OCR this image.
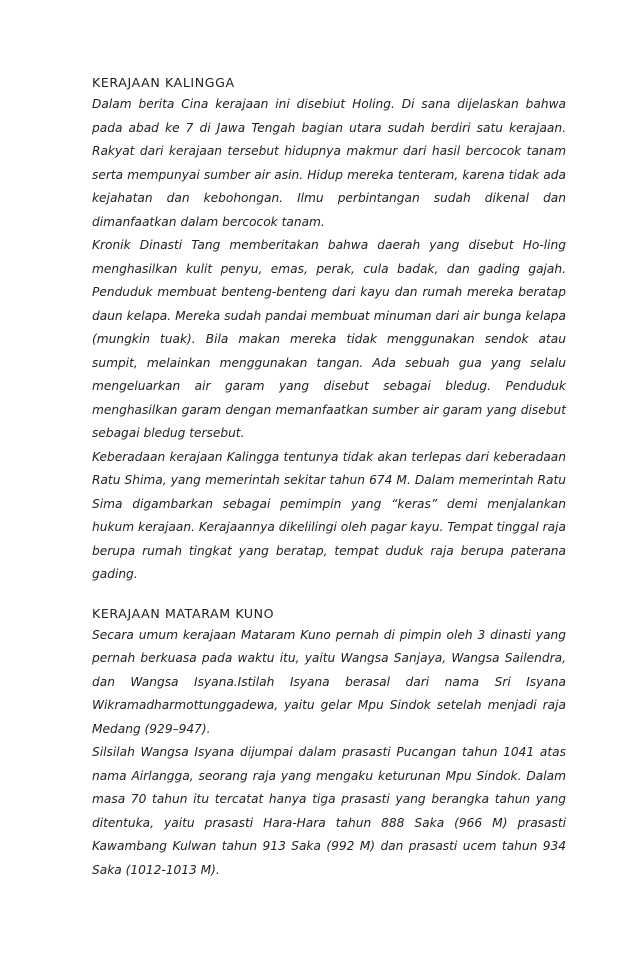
KERAJAAN KALINGGA

Dalam berita Cina kerajaan ini disebiut Holing. Di sana dijelaskan bahwa pada abad ke 7 di Jawa Tengah bagian utara sudah berdiri satu kerajaan. Rakyat dari kerajaan tersebut hidupnya makmur dari hasil bercocok tanam serta mempunyai sumber air asin. Hidup mereka tenteram, karena tidak ada kejahatan dan kebohongan. Ilmu perbintangan sudah dikenal dan dimanfaatkan dalam bercocok tanam.

Kronik Dinasti Tang memberitakan bahwa daerah yang disebut Ho-ling menghasilkan kulit penyu, emas, perak, cula badak, dan gading gajah. Penduduk membuat benteng-benteng dari kayu dan rumah mereka beratap daun kelapa. Mereka sudah pandai membuat minuman dari air bunga kelapa (mungkin tuak). Bila makan mereka tidak menggunakan sendok atau sumpit, melainkan menggunakan tangan. Ada sebuah gua yang selalu mengeluarkan air garam yang disebut sebagai bledug. Penduduk menghasilkan garam dengan memanfaatkan sumber air garam yang disebut sebagai bledug tersebut.

Keberadaan kerajaan Kalingga tentunya tidak akan terlepas dari keberadaan Ratu Shima, yang memerintah sekitar tahun 674 M. Dalam memerintah Ratu Sima digambarkan sebagai pemimpin yang “keras” demi menjalankan hukum kerajaan. Kerajaannya dikelilingi oleh pagar kayu. Tempat tinggal raja berupa rumah tingkat yang beratap, tempat duduk raja berupa paterana gading.

KERAJAAN MATARAM KUNO

Secara umum kerajaan Mataram Kuno pernah di pimpin oleh 3 dinasti yang pernah berkuasa pada waktu itu, yaitu Wangsa Sanjaya, Wangsa Sailendra, dan Wangsa Isyana.Istilah Isyana berasal dari nama Sri Isyana Wikramadharmottunggadewa, yaitu gelar Mpu Sindok setelah menjadi raja Medang (929–947).

Silsilah Wangsa Isyana dijumpai dalam prasasti Pucangan tahun 1041 atas nama Airlangga, seorang raja yang mengaku keturunan Mpu Sindok. Dalam masa 70 tahun itu tercatat hanya tiga prasasti yang berangka tahun yang ditentuka, yaitu prasasti Hara-Hara tahun 888 Saka (966 M) prasasti Kawambang Kulwan tahun 913 Saka (992 M) dan prasasti ucem tahun 934 Saka (1012-1013 M).
